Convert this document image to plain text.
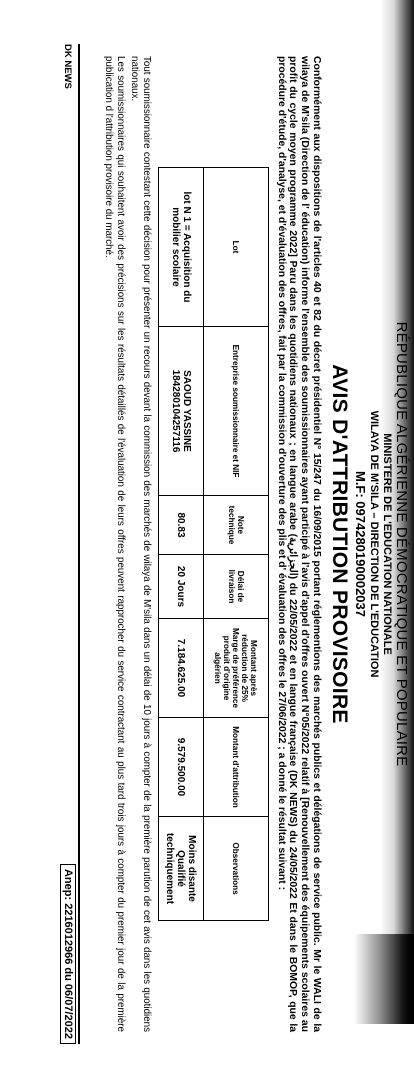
RÉPUBLIQUE ALGÉRIENNE DÉMOCRATIQUE ET POPULAIRE
MINISTERE DE L'EDUCATION NATIONALE
WILAYA DE M'SILA – DIRECTION DE L'EDUCATION
M.F: 0974280190002037
AVIS D'ATTRIBUTION PROVISOIRE
Conformément aux dispositions de l'articles 40 et 82 du décret présidentiel N° 15/247 du 16/09/2015 portant réglementions des marchés publics et délégations de service public. Mr le WALI de la wilaya de M'sila (Direction de l' éducation) informe l'ensemble des soumissionnaires ayant participé à l'avis d'appel d'offres ouvert N°05/2022 relatif à [Renouvellement des équipements scolaires au profit du cycle moyen programme 2022] Paru dans les quotidiens nationaux ; en langue arabe (الجزائرية) du 22/05/2022 et en langue française (DK NEWS) du 24/05/2022 Et dans le BOMOP, que la procédure d'étude, d'analyse, et d'évaluation des offres, fait par la commission d'ouverture des plis et d' évaluation des offres le 27/06/2022 ; a donné le résultat suivant :
Lot	Entreprise soumissionnaire et NIF	Note technique	Délai de livraison	Montant après réduction de 25% Marge de préférence produit d'origine algérien	Montant d'attribution	Observations
lot N 1 = Acquisition du mobilier scolaire	SAOUD YASSINE 184280104257116	80.83	20 Jours	7.184.625.00	9.579.500.00	Moins disante Qualifié techniquement
Tout soumissionnaire contestant cette décision pour présenter un recours devant la commission des marchés de wilaya de M'sila dans un délai de 10 jours à compter de la première parution de cet avis dans les quotidiens nationaux.
Les soumissionnaires qui souhaitent avoir des précisions sur les résultats détaillés de l'évaluation de leurs offres peuvent rapprocher du service contractant au plus tard trois jours à compter du premier jour de la première publication d l'attribution provisoire du marché.
DK NEWS
Anep: 2216012966 du 06/07/2022
